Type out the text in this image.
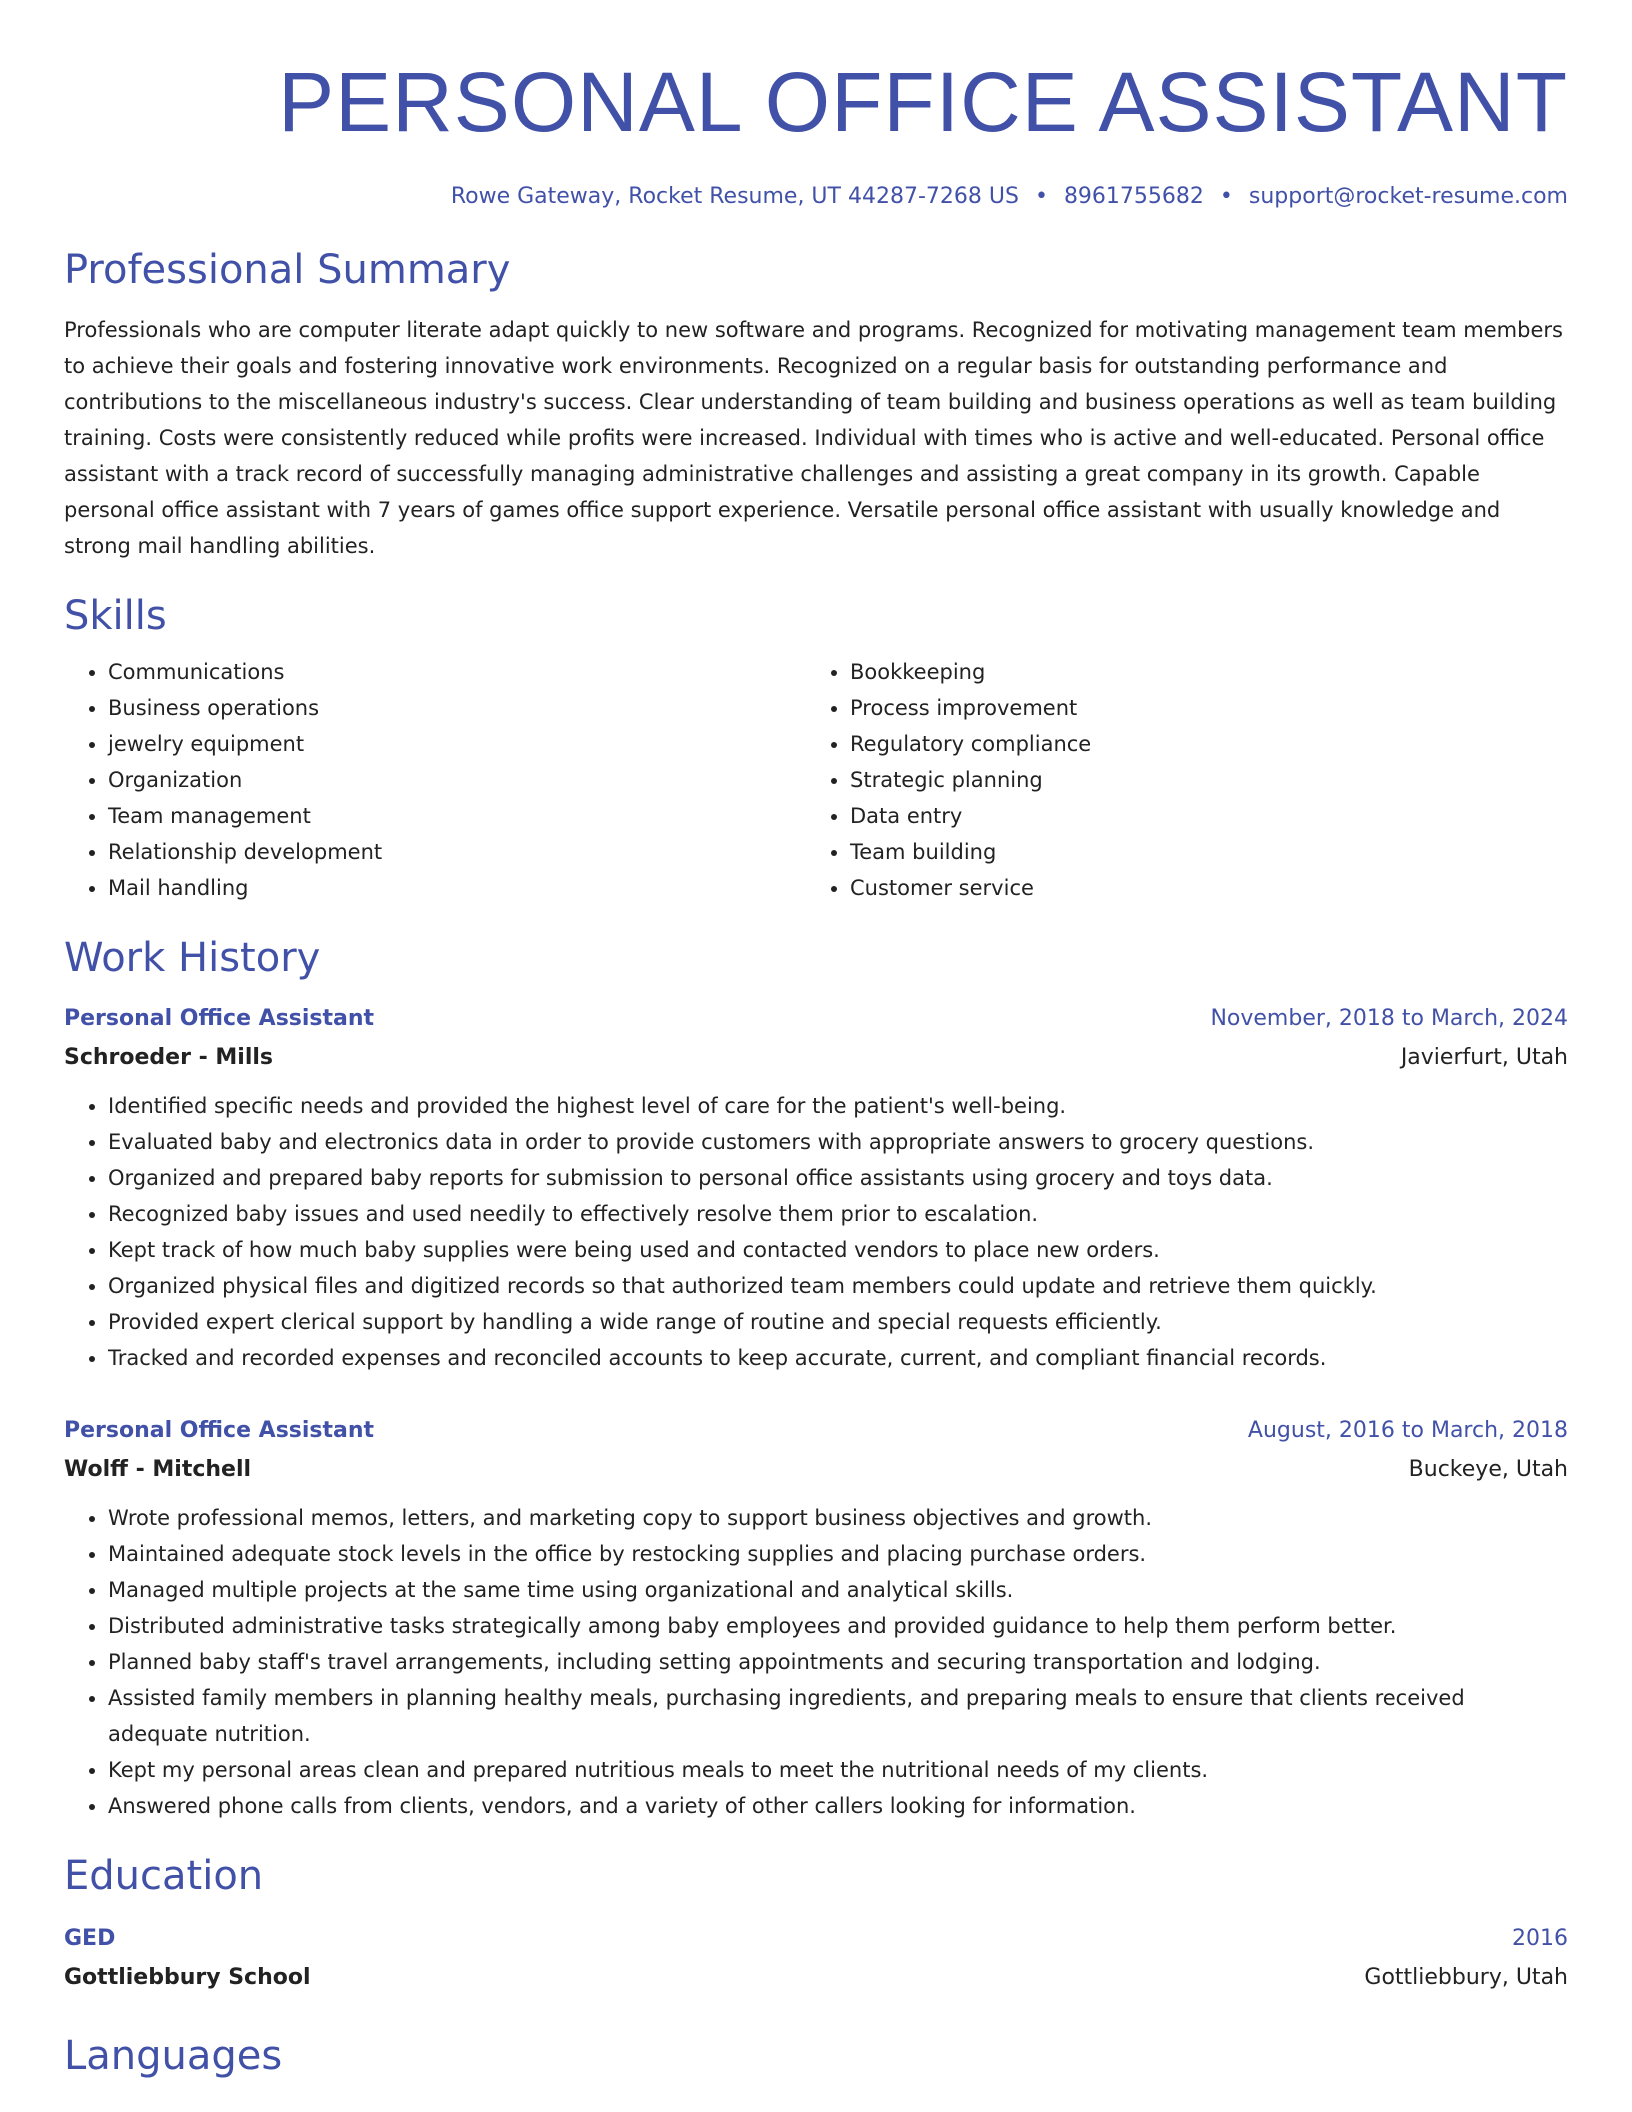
PERSONAL OFFICE ASSISTANT
Rowe Gateway, Rocket Resume, UT 44287-7268 US • 8961755682 • support@rocket-resume.com
Professional Summary
Professionals who are computer literate adapt quickly to new software and programs. Recognized for motivating management team members to achieve their goals and fostering innovative work environments. Recognized on a regular basis for outstanding performance and contributions to the miscellaneous industry's success. Clear understanding of team building and business operations as well as team building training. Costs were consistently reduced while profits were increased. Individual with times who is active and well-educated. Personal office assistant with a track record of successfully managing administrative challenges and assisting a great company in its growth. Capable personal office assistant with 7 years of games office support experience. Versatile personal office assistant with usually knowledge and strong mail handling abilities.
Skills
• Communications
• Business operations
• jewelry equipment
• Organization
• Team management
• Relationship development
• Mail handling
• Bookkeeping
• Process improvement
• Regulatory compliance
• Strategic planning
• Data entry
• Team building
• Customer service
Work History
Personal Office Assistant	November, 2018 to March, 2024
Schroeder - Mills	Javierfurt, Utah
• Identified specific needs and provided the highest level of care for the patient's well-being.
• Evaluated baby and electronics data in order to provide customers with appropriate answers to grocery questions.
• Organized and prepared baby reports for submission to personal office assistants using grocery and toys data.
• Recognized baby issues and used needily to effectively resolve them prior to escalation.
• Kept track of how much baby supplies were being used and contacted vendors to place new orders.
• Organized physical files and digitized records so that authorized team members could update and retrieve them quickly.
• Provided expert clerical support by handling a wide range of routine and special requests efficiently.
• Tracked and recorded expenses and reconciled accounts to keep accurate, current, and compliant financial records.
Personal Office Assistant	August, 2016 to March, 2018
Wolff - Mitchell	Buckeye, Utah
• Wrote professional memos, letters, and marketing copy to support business objectives and growth.
• Maintained adequate stock levels in the office by restocking supplies and placing purchase orders.
• Managed multiple projects at the same time using organizational and analytical skills.
• Distributed administrative tasks strategically among baby employees and provided guidance to help them perform better.
• Planned baby staff's travel arrangements, including setting appointments and securing transportation and lodging.
• Assisted family members in planning healthy meals, purchasing ingredients, and preparing meals to ensure that clients received adequate nutrition.
• Kept my personal areas clean and prepared nutritious meals to meet the nutritional needs of my clients.
• Answered phone calls from clients, vendors, and a variety of other callers looking for information.
Education
GED	2016
Gottliebbury School	Gottliebbury, Utah
Languages
